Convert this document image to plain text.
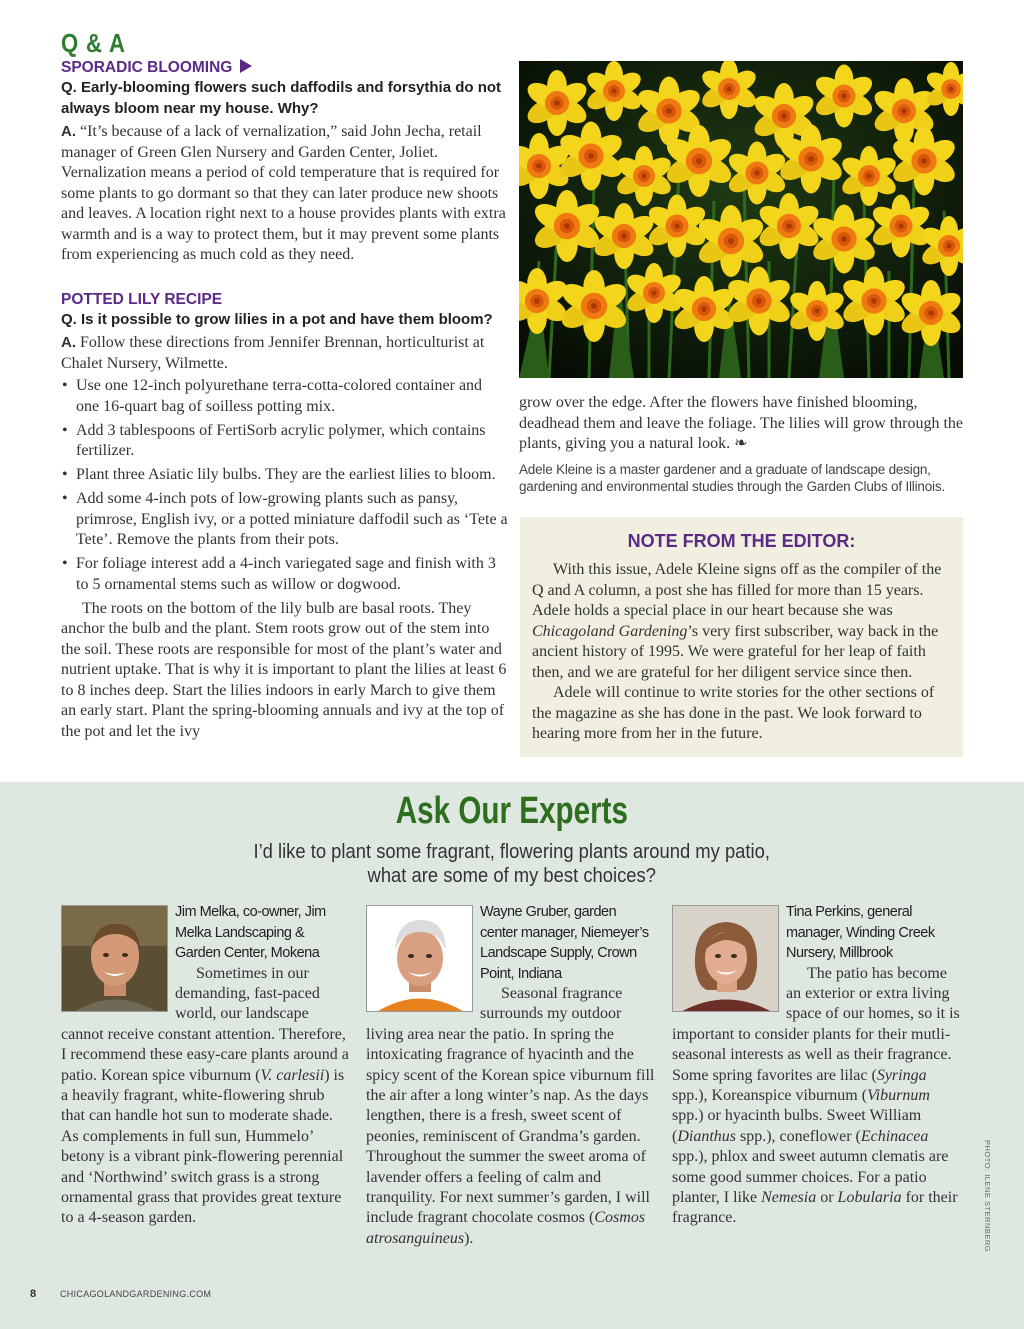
Q & A
SPORADIC BLOOMING
Q. Early-blooming flowers such daffodils and forsythia do not always bloom near my house. Why?

A. “It’s because of a lack of vernalization,” said John Jecha, retail manager of Green Glen Nursery and Garden Center, Joliet. Vernalization means a period of cold temperature that is required for some plants to go dormant so that they can later produce new shoots and leaves. A location right next to a house provides plants with extra warmth and is a way to protect them, but it may prevent some plants from experiencing as much cold as they need.

POTTED LILY RECIPE
Q. Is it possible to grow lilies in a pot and have them bloom?

A. Follow these directions from Jennifer Brennan, horticulturist at Chalet Nursery, Wilmette.

• Use one 12-inch polyurethane terra-cotta-colored container and one 16-quart bag of soilless potting mix.
• Add 3 tablespoons of FertiSorb acrylic polymer, which contains fertilizer.
• Plant three Asiatic lily bulbs. They are the earliest lilies to bloom.
• Add some 4-inch pots of low-growing plants such as pansy, primrose, English ivy, or a potted miniature daffodil such as ‘Tete a Tete’. Remove the plants from their pots.
• For foliage interest add a 4-inch variegated sage and finish with 3 to 5 ornamental stems such as willow or dogwood.

The roots on the bottom of the lily bulb are basal roots. They anchor the bulb and the plant. Stem roots grow out of the stem into the soil. These roots are responsible for most of the plant’s water and nutrient uptake. That is why it is important to plant the lilies at least 6 to 8 inches deep. Start the lilies indoors in early March to give them an early start. Plant the spring-blooming annuals and ivy at the top of the pot and let the ivy

grow over the edge. After the flowers have finished blooming, deadhead them and leave the foliage. The lilies will grow through the plants, giving you a natural look. ❧

Adele Kleine is a master gardener and a graduate of landscape design, gardening and environmental studies through the Garden Clubs of Illinois.

NOTE FROM THE EDITOR:

With this issue, Adele Kleine signs off as the compiler of the Q and A column, a post she has filled for more than 15 years. Adele holds a special place in our heart because she was Chicagoland Gardening’s very first subscriber, way back in the ancient history of 1995. We were grateful for her leap of faith then, and we are grateful for her diligent service since then.

Adele will continue to write stories for the other sections of the magazine as she has done in the past. We look forward to hearing more from her in the future.

Ask Our Experts
I’d like to plant some fragrant, flowering plants around my patio,
what are some of my best choices?
Jim Melka, co-owner, Jim Melka Landscaping & Garden Center, Mokena

Sometimes in our demanding, fast-paced world, our landscape cannot receive constant attention. Therefore, I recommend these easy-care plants around a patio. Korean spice viburnum (V. carlesii) is a heavily fragrant, white-flowering shrub that can handle hot sun to moderate shade. As complements in full sun, Hummelo’ betony is a vibrant pink-flowering perennial and ‘Northwind’ switch grass is a strong ornamental grass that provides great texture to a 4-season garden.

Wayne Gruber, garden center manager, Niemeyer’s Landscape Supply, Crown Point, Indiana

Seasonal fragrance surrounds my outdoor living area near the patio. In spring the intoxicating fragrance of hyacinth and the spicy scent of the Korean spice viburnum fill the air after a long winter’s nap. As the days lengthen, there is a fresh, sweet scent of peonies, reminiscent of Grandma’s garden. Throughout the summer the sweet aroma of lavender offers a feeling of calm and tranquility. For next summer’s garden, I will include fragrant chocolate cosmos (Cosmos atrosanguineus).

Tina Perkins, general manager, Winding Creek Nursery, Millbrook

The patio has become an exterior or extra living space of our homes, so it is important to consider plants for their mutli-seasonal interests as well as their fragrance. Some spring favorites are lilac (Syringa spp.), Koreanspice viburnum (Viburnum spp.) or hyacinth bulbs. Sweet William (Dianthus spp.), coneflower (Echinacea spp.), phlox and sweet autumn clematis are some good summer choices. For a patio planter, I like Nemesia or Lobularia for their fragrance.	PHOTO: ILENE STERNBERG
8	CHICAGOLANDGARDENING.COM
